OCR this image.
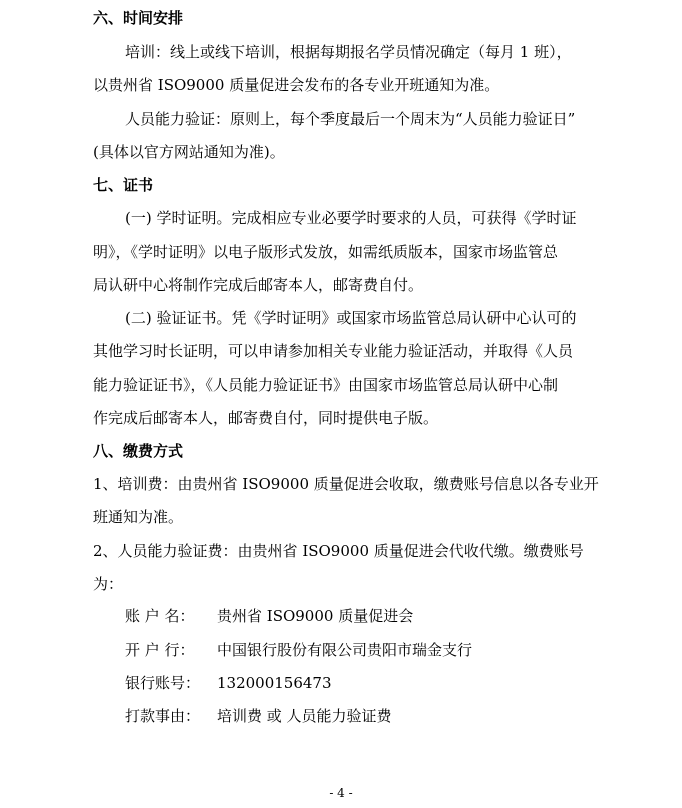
六、时间安排
培训：线上或线下培训，根据每期报名学员情况确定（每月 1 班），
以贵州省 ISO9000 质量促进会发布的各专业开班通知为准。
人员能力验证：原则上，每个季度最后一个周末为“人员能力验证日”
(具体以官方网站通知为准)。
七、证书
(一) 学时证明。完成相应专业必要学时要求的人员，可获得《学时证
明》，《学时证明》以电子版形式发放，如需纸质版本，国家市场监管总
局认研中心将制作完成后邮寄本人，邮寄费自付。
(二) 验证证书。凭《学时证明》或国家市场监管总局认研中心认可的
其他学习时长证明，可以申请参加相关专业能力验证活动，并取得《人员
能力验证证书》，《人员能力验证证书》由国家市场监管总局认研中心制
作完成后邮寄本人，邮寄费自付，同时提供电子版。
八、缴费方式
1、培训费：由贵州省 ISO9000 质量促进会收取，缴费账号信息以各专业开
班通知为准。
2、人员能力验证费：由贵州省 ISO9000 质量促进会代收代缴。缴费账号
为：
账 户 名： 贵州省 ISO9000 质量促进会
开 户 行： 中国银行股份有限公司贵阳市瑞金支行
银行账号： 132000156473
打款事由： 培训费 或 人员能力验证费
- 4 -
